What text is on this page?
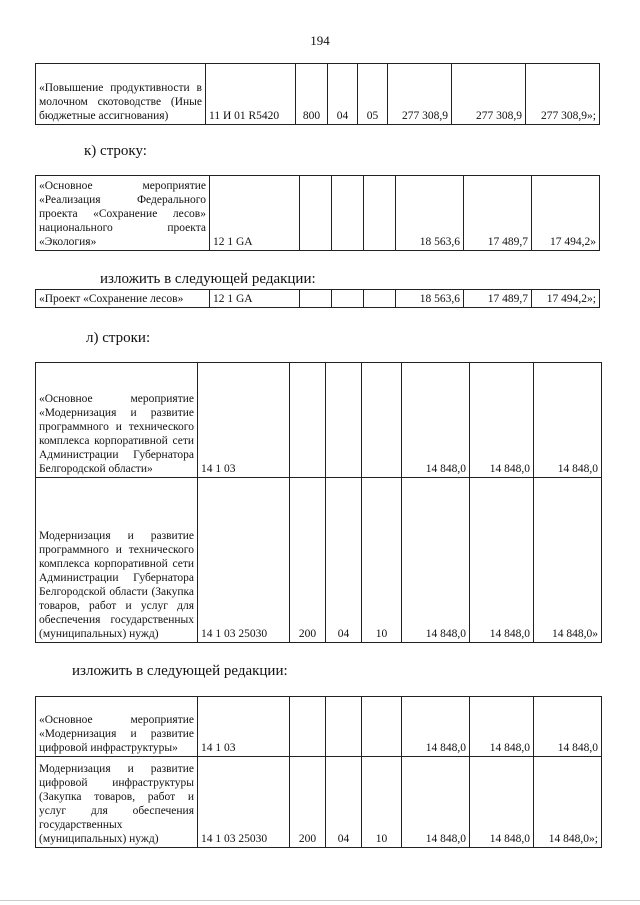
194
«Повышение продуктивности в молочном скотоводстве (Иные бюджетные ассигнования)	11 И 01 R5420	800	04	05	277 308,9	277 308,9	277 308,9»;
к) строку:
«Основное мероприятие «Реализация Федерального проекта «Сохранение лесов» национального проекта «Экология»	12 1 GA				18 563,6	17 489,7	17 494,2»
изложить в следующей редакции:
«Проект «Сохранение лесов»	12 1 GA				18 563,6	17 489,7	17 494,2»;
л) строки:
«Основное мероприятие «Модернизация и развитие программного и технического комплекса корпоративной сети Администрации Губернатора Белгородской области»	14 1 03				14 848,0	14 848,0	14 848,0
Модернизация и развитие программного и технического комплекса корпоративной сети Администрации Губернатора Белгородской области (Закупка товаров, работ и услуг для обеспечения государственных (муниципальных) нужд)	14 1 03 25030	200	04	10	14 848,0	14 848,0	14 848,0»
изложить в следующей редакции:
«Основное мероприятие «Модернизация и развитие цифровой инфраструктуры»	14 1 03				14 848,0	14 848,0	14 848,0
Модернизация и развитие цифровой инфраструктуры (Закупка товаров, работ и услуг для обеспечения государственных (муниципальных) нужд)	14 1 03 25030	200	04	10	14 848,0	14 848,0	14 848,0»;
